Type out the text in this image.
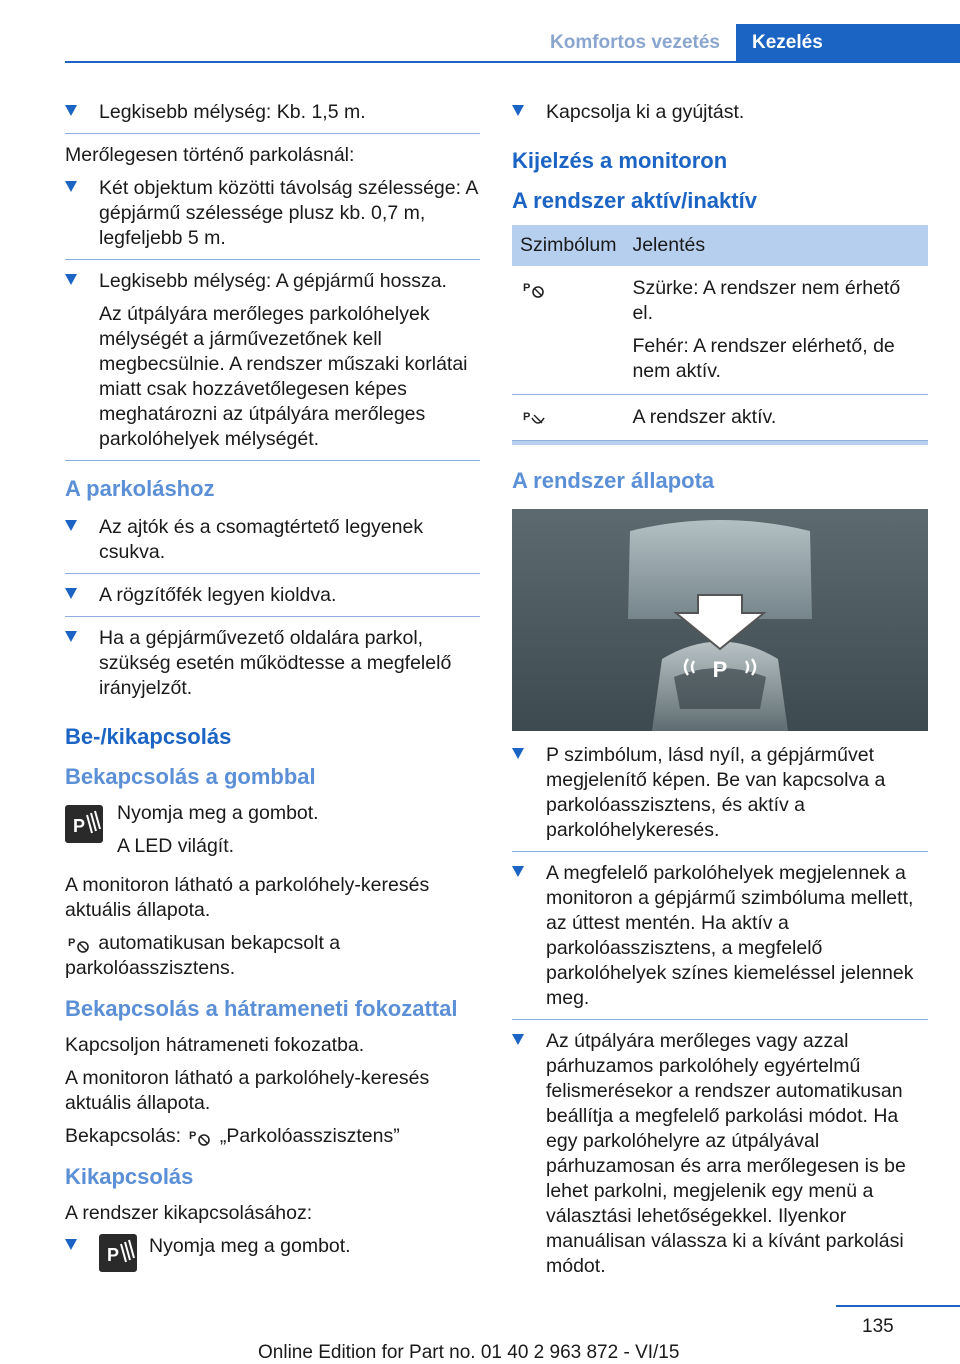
Komfortos vezetés	Kezelés

Legkisebb mélység: Kb. 1,5 m.

Merőlegesen történő parkolásnál:

Két objektum közötti távolság szélessége: A gépjármű szélessége plusz kb. 0,7 m, legfeljebb 5 m.

Legkisebb mélység: A gépjármű hossza.

Az útpályára merőleges parkolóhelyek mélységét a járművezetőnek kell megbecsülnie. A rendszer műszaki korlátai miatt csak hozzávetőlegesen képes meghatározni az útpályára merőleges parkolóhelyek mélységét.

A parkoláshoz

Az ajtók és a csomagtértető legyenek csukva.

A rögzítőfék legyen kioldva.

Ha a gépjárművezető oldalára parkol, szükség esetén működtesse a megfelelő irányjelzőt.

Be-/kikapcsolás
Bekapcsolás a gombbal
P

Nyomja meg a gombot.

A LED világít.

A monitoron látható a parkolóhely-keresés aktuális állapota.

P automatikusan bekapcsolt a parkolóasszisztens.

Bekapcsolás a hátrameneti fokozattal

Kapcsoljon hátrameneti fokozatba.

A monitoron látható a parkolóhely-keresés aktuális állapota.

Bekapcsolás: P „Parkolóasszisztens”

Kikapcsolás

A rendszer kikapcsolásához:

P Nyomja meg a gombot.

Kapcsolja ki a gyújtást.

Kijelzés a monitoron
A rendszer aktív/inaktív
Szimbólum	Jelentés

P	Szürke: A rendszer nem érhető el.

Fehér: A rendszer elérhető, de nem aktív.

P	A rendszer aktív.
A rendszer állapota
P

P szimbólum, lásd nyíl, a gépjárművet megjelenítő képen. Be van kapcsolva a parkolóasszisztens, és aktív a parkolóhelykeresés.

A megfelelő parkolóhelyek megjelennek a monitoron a gépjármű szimbóluma mellett, az úttest mentén. Ha aktív a parkolóasszisztens, a megfelelő parkolóhelyek színes kiemeléssel jelennek meg.

Az útpályára merőleges vagy azzal párhuzamos parkolóhely egyértelmű felismerésekor a rendszer automatikusan beállítja a megfelelő parkolási módot. Ha egy parkolóhelyre az útpályával párhuzamosan és arra merőlegesen is be lehet parkolni, megjelenik egy menü a választási lehetőségekkel. Ilyenkor manuálisan válassza ki a kívánt parkolási módot.

135
Online Edition for Part no. 01 40 2 963 872 - VI/15
